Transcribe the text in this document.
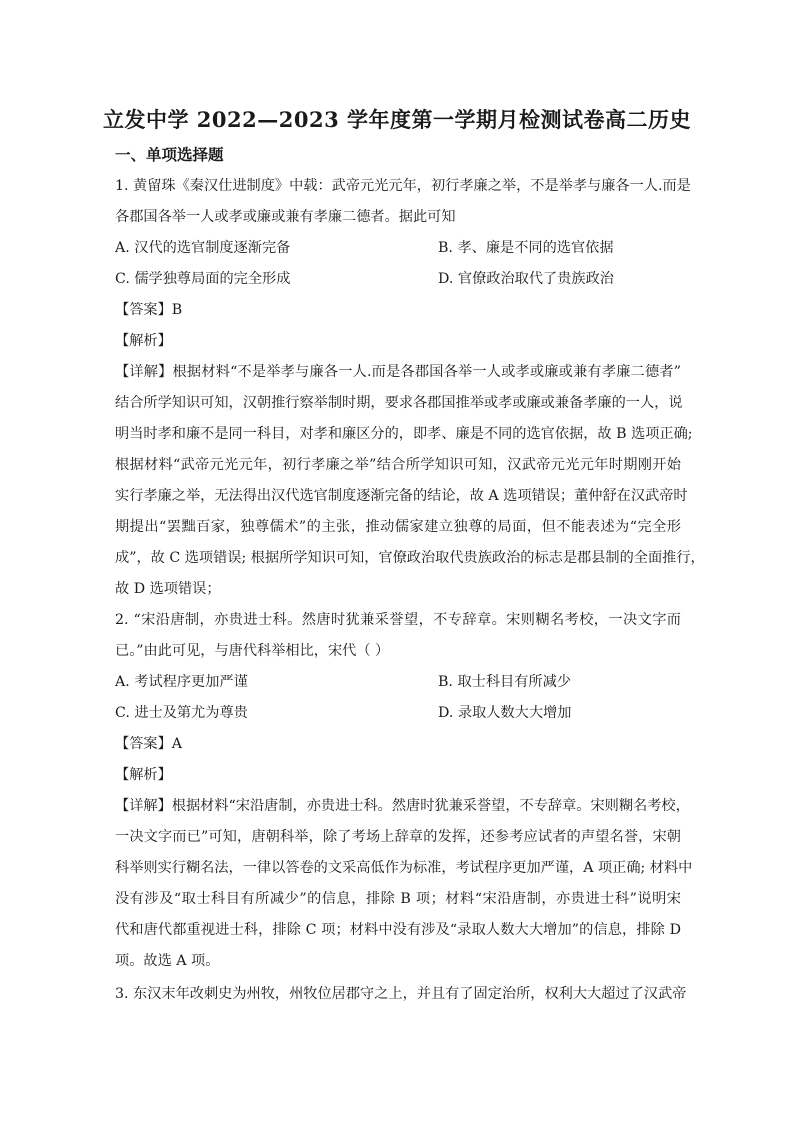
立发中学 2022—2023 学年度第一学期月检测试卷高二历史
一、单项选择题
1. 黄留珠《秦汉仕进制度》中载：武帝元光元年，初行孝廉之举，不是举孝与廉各一人.而是
各郡国各举一人或孝或廉或兼有孝廉二德者。据此可知
A. 汉代的选官制度逐渐完备	B. 孝、廉是不同的选官依据
C. 儒学独尊局面的完全形成	D. 官僚政治取代了贵族政治
【答案】B
【解析】
【详解】根据材料“不是举孝与廉各一人.而是各郡国各举一人或孝或廉或兼有孝廉二德者”
结合所学知识可知，汉朝推行察举制时期，要求各郡国推举或孝或廉或兼备孝廉的一人，说
明当时孝和廉不是同一科目，对孝和廉区分的，即孝、廉是不同的选官依据，故 B 选项正确;
根据材料“武帝元光元年，初行孝廉之举”结合所学知识可知，汉武帝元光元年时期刚开始
实行孝廉之举，无法得出汉代选官制度逐渐完备的结论，故 A 选项错误；董仲舒在汉武帝时
期提出“罢黜百家，独尊儒术”的主张，推动儒家建立独尊的局面，但不能表述为“完全形
成”，故 C 选项错误; 根据所学知识可知，官僚政治取代贵族政治的标志是郡县制的全面推行，
故 D 选项错误；
2. “宋沿唐制，亦贵进士科。然唐时犹兼采誉望，不专辞章。宋则糊名考校，一决文字而
已。”由此可见，与唐代科举相比，宋代（ ）
A. 考试程序更加严谨	B. 取士科目有所减少
C. 进士及第尤为尊贵	D. 录取人数大大增加
【答案】A
【解析】
【详解】根据材料“宋沿唐制，亦贵进士科。然唐时犹兼采誉望，不专辞章。宋则糊名考校，
一决文字而已”可知，唐朝科举，除了考场上辞章的发挥，还参考应试者的声望名誉，宋朝
科举则实行糊名法，一律以答卷的文采高低作为标准，考试程序更加严谨，A 项正确; 材料中
没有涉及“取士科目有所减少”的信息，排除 B 项；材料“宋沿唐制，亦贵进士科”说明宋
代和唐代都重视进士科，排除 C 项；材料中没有涉及“录取人数大大增加”的信息，排除 D
项。故选 A 项。
3. 东汉末年改刺史为州牧，州牧位居郡守之上，并且有了固定治所，权利大大超过了汉武帝
